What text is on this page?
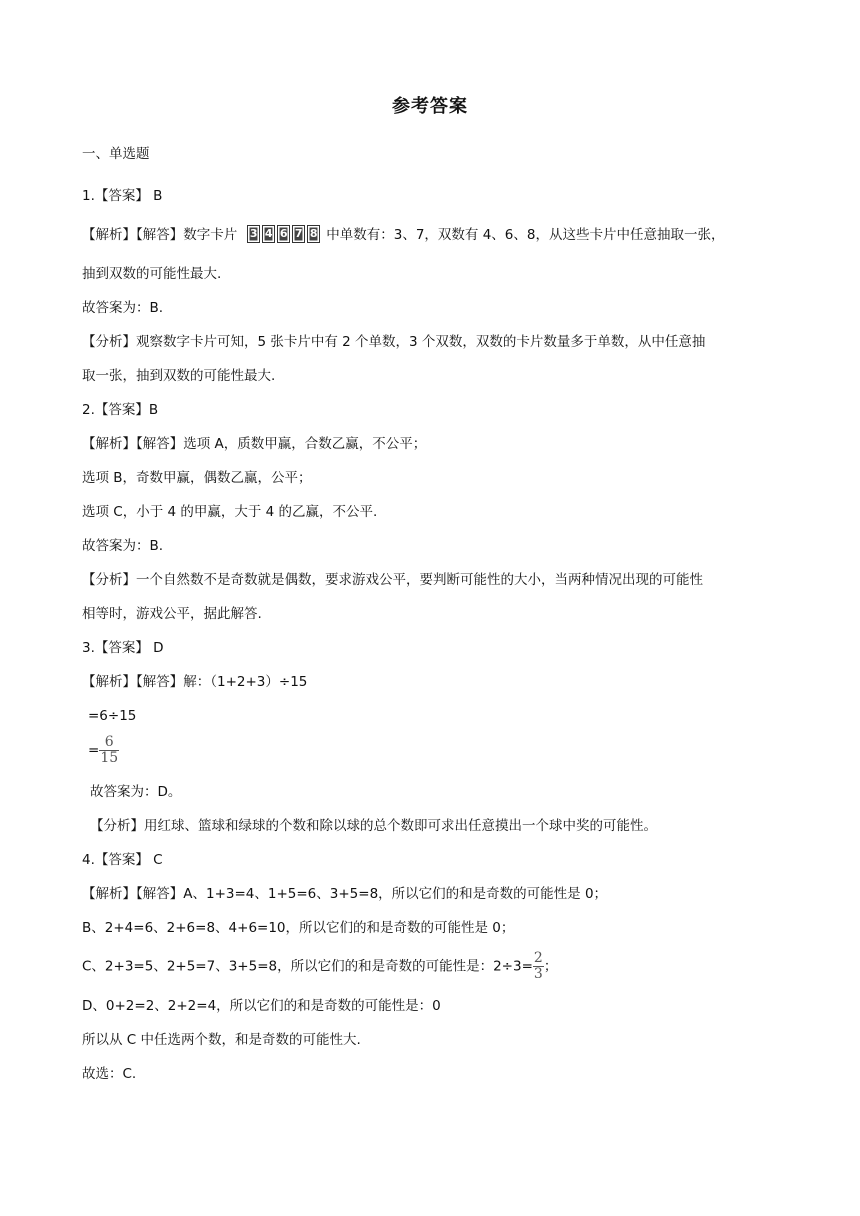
参考答案
一、单选题
1.【答案】 B
【解析】【解答】数字卡片 3 4 6 7 8 中单数有：3、7，双数有 4、6、8，从这些卡片中任意抽取一张，
抽到双数的可能性最大.
故答案为：B.
【分析】观察数字卡片可知，5 张卡片中有 2 个单数，3 个双数，双数的卡片数量多于单数，从中任意抽
取一张，抽到双数的可能性最大.
2.【答案】B
【解析】【解答】选项 A，质数甲赢，合数乙赢，不公平；
选项 B，奇数甲赢，偶数乙赢，公平；
选项 C，小于 4 的甲赢，大于 4 的乙赢，不公平.
故答案为：B.
【分析】一个自然数不是奇数就是偶数，要求游戏公平，要判断可能性的大小，当两种情况出现的可能性
相等时，游戏公平，据此解答.
3.【答案】 D
【解析】【解答】解：（1+2+3）÷15
=6÷15
= $\frac{6}{15}$
故答案为：D。
【分析】用红球、篮球和绿球的个数和除以球的总个数即可求出任意摸出一个球中奖的可能性。
4.【答案】 C
【解析】【解答】A、1+3=4、1+5=6、3+5=8，所以它们的和是奇数的可能性是 0；
B、2+4=6、2+6=8、4+6=10，所以它们的和是奇数的可能性是 0；
C、2+3=5、2+5=7、3+5=8，所以它们的和是奇数的可能性是：$2\div 3= \frac{2}{3}$ ；
D、0+2=2、2+2=4，所以它们的和是奇数的可能性是：0
所以从 C 中任选两个数，和是奇数的可能性大.
故选：C.
